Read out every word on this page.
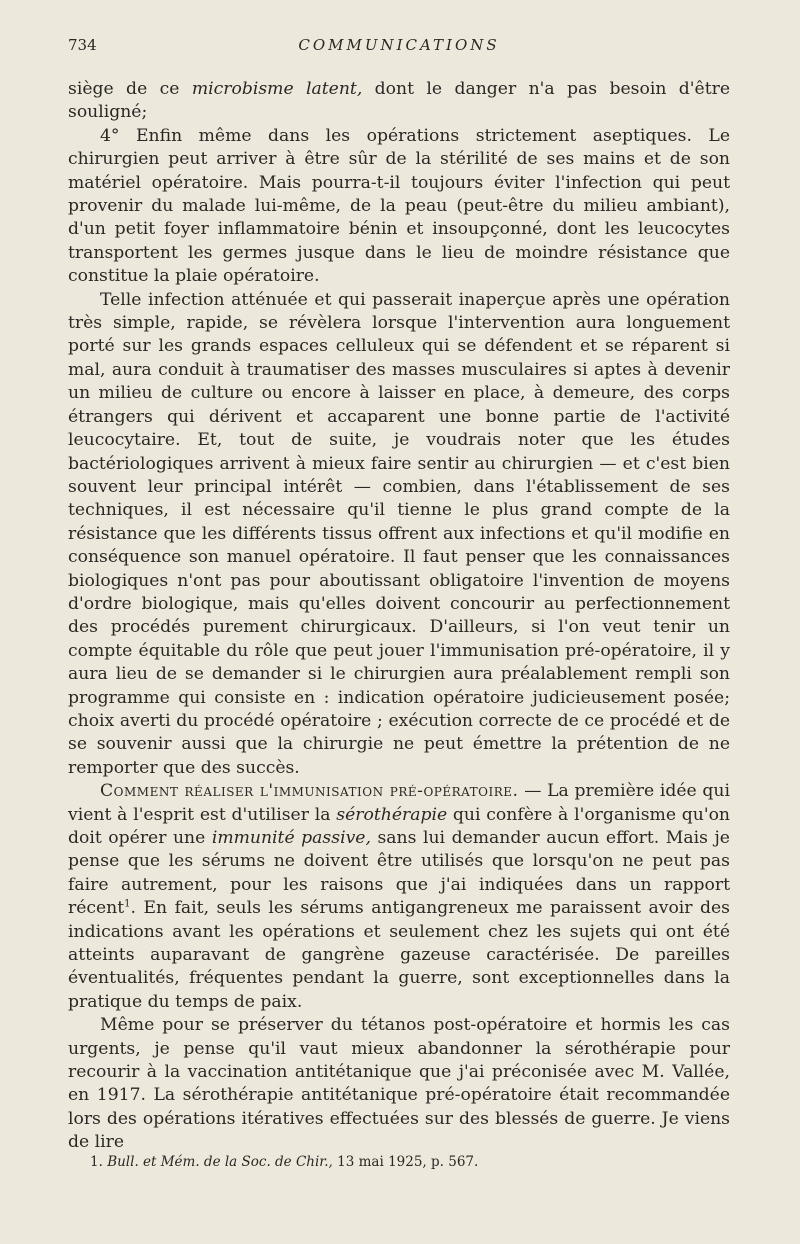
734	COMMUNICATIONS

siège de ce microbisme latent, dont le danger n'a pas besoin d'être souligné;

4° Enfin même dans les opérations strictement aseptiques. Le chirurgien peut arriver à être sûr de la stérilité de ses mains et de son matériel opératoire. Mais pourra-t-il toujours éviter l'infection qui peut provenir du malade lui-même, de la peau (peut-être du milieu ambiant), d'un petit foyer inflammatoire bénin et insoupçonné, dont les leucocytes transportent les germes jusque dans le lieu de moindre résistance que constitue la plaie opératoire.

Telle infection atténuée et qui passerait inaperçue après une opération très simple, rapide, se révèlera lorsque l'intervention aura longuement porté sur les grands espaces celluleux qui se défendent et se réparent si mal, aura conduit à traumatiser des masses musculaires si aptes à devenir un milieu de culture ou encore à laisser en place, à demeure, des corps étrangers qui dérivent et accaparent une bonne partie de l'activité leucocytaire. Et, tout de suite, je voudrais noter que les études bactériologiques arrivent à mieux faire sentir au chirurgien — et c'est bien souvent leur principal intérêt — combien, dans l'établissement de ses techniques, il est nécessaire qu'il tienne le plus grand compte de la résistance que les différents tissus offrent aux infections et qu'il modifie en conséquence son manuel opératoire. Il faut penser que les connaissances biologiques n'ont pas pour aboutissant obligatoire l'invention de moyens d'ordre biologique, mais qu'elles doivent concourir au perfectionnement des procédés purement chirurgicaux. D'ailleurs, si l'on veut tenir un compte équitable du rôle que peut jouer l'immunisation pré-opératoire, il y aura lieu de se demander si le chirurgien aura préalablement rempli son programme qui consiste en : indication opératoire judicieusement posée; choix averti du procédé opératoire ; exécution correcte de ce procédé et de se souvenir aussi que la chirurgie ne peut émettre la prétention de ne remporter que des succès.

Comment réaliser l'immunisation pré-opératoire. — La première idée qui vient à l'esprit est d'utiliser la sérothérapie qui confère à l'organisme qu'on doit opérer une immunité passive, sans lui demander aucun effort. Mais je pense que les sérums ne doivent être utilisés que lorsqu'on ne peut pas faire autrement, pour les raisons que j'ai indiquées dans un rapport récent$^1$. En fait, seuls les sérums antigangreneux me paraissent avoir des indications avant les opérations et seulement chez les sujets qui ont été atteints auparavant de gangrène gazeuse caractérisée. De pareilles éventualités, fréquentes pendant la guerre, sont exceptionnelles dans la pratique du temps de paix.

Même pour se préserver du tétanos post-opératoire et hormis les cas urgents, je pense qu'il vaut mieux abandonner la sérothérapie pour recourir à la vaccination antitétanique que j'ai préconisée avec M. Vallée, en 1917. La sérothérapie antitétanique pré-opératoire était recommandée lors des opérations itératives effectuées sur des blessés de guerre. Je viens de lire

1. Bull. et Mém. de la Soc. de Chir., 13 mai 1925, p. 567.
